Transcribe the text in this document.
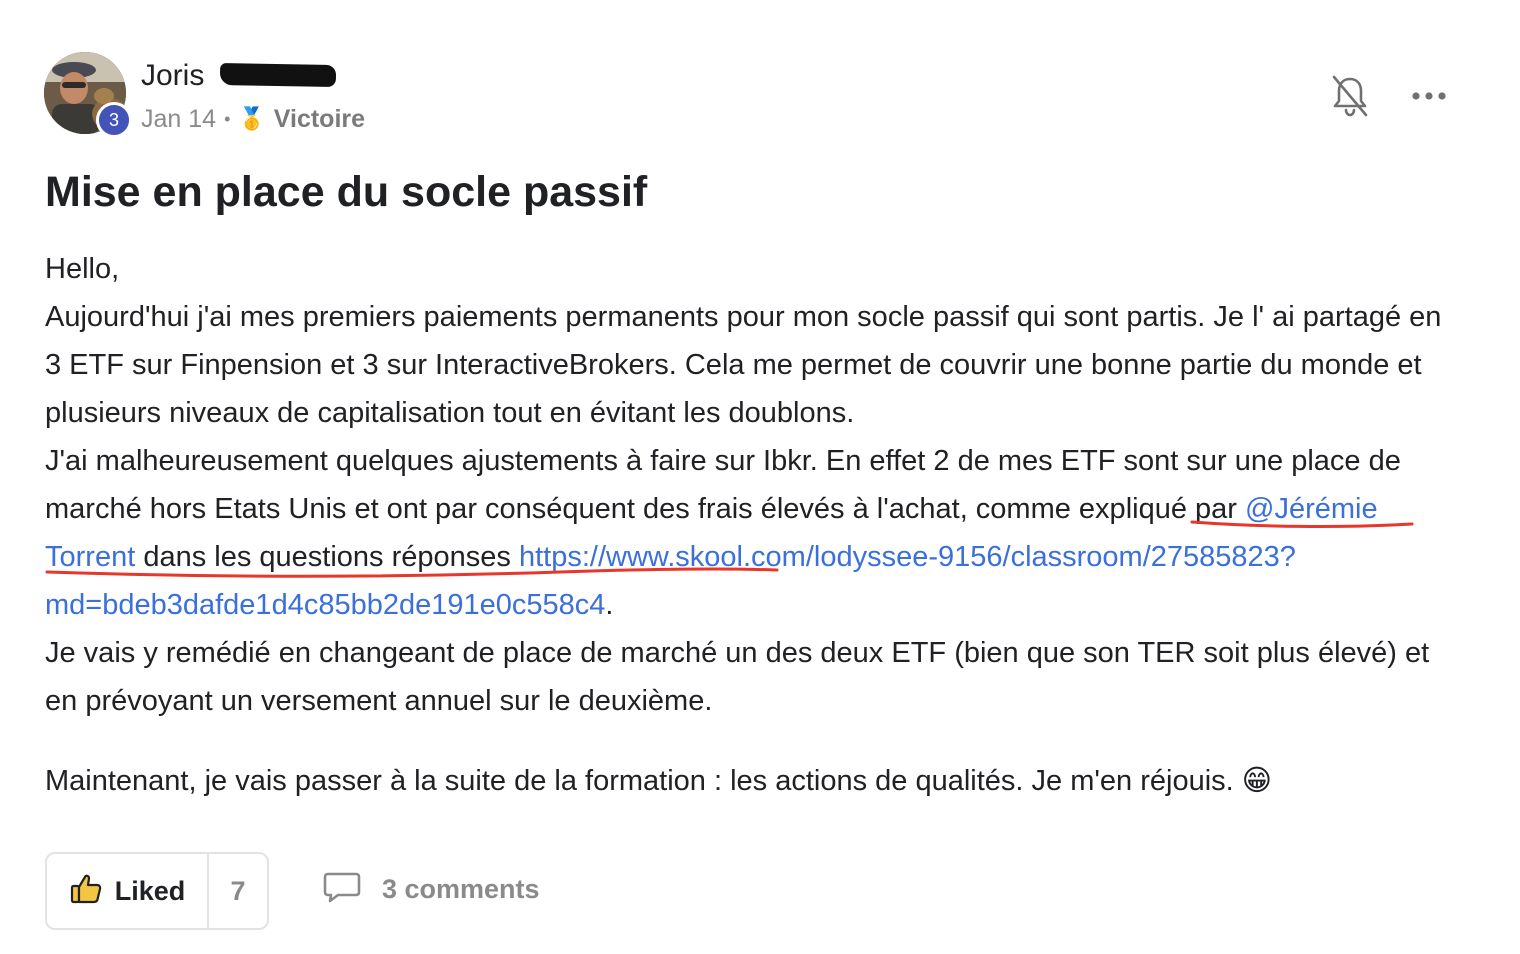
3
Joris
Jan 14 • 🥇 Victoire
Mise en place du socle passif

Hello,

Aujourd'hui j'ai mes premiers paiements permanents pour mon socle passif qui sont partis. Je l' ai partagé en 3 ETF sur Finpension et 3 sur InteractiveBrokers. Cela me permet de couvrir une bonne partie du monde et plusieurs niveaux de capitalisation tout en évitant les doublons.

J'ai malheureusement quelques ajustements à faire sur Ibkr. En effet 2 de mes ETF sont sur une place de marché hors Etats Unis et ont par conséquent des frais élevés à l'achat, comme expliqué par @Jérémie Torrent dans les questions réponses https://www.skool.com/lodyssee-9156/classroom/27585823?md=bdeb3dafde1d4c85bb2de191e0c558c4.

Je vais y remédié en changeant de place de marché un des deux ETF (bien que son TER soit plus élevé) et en prévoyant un versement annuel sur le deuxième.

Maintenant, je vais passer à la suite de la formation : les actions de qualités. Je m'en réjouis. 😁

Liked	7	3 comments
